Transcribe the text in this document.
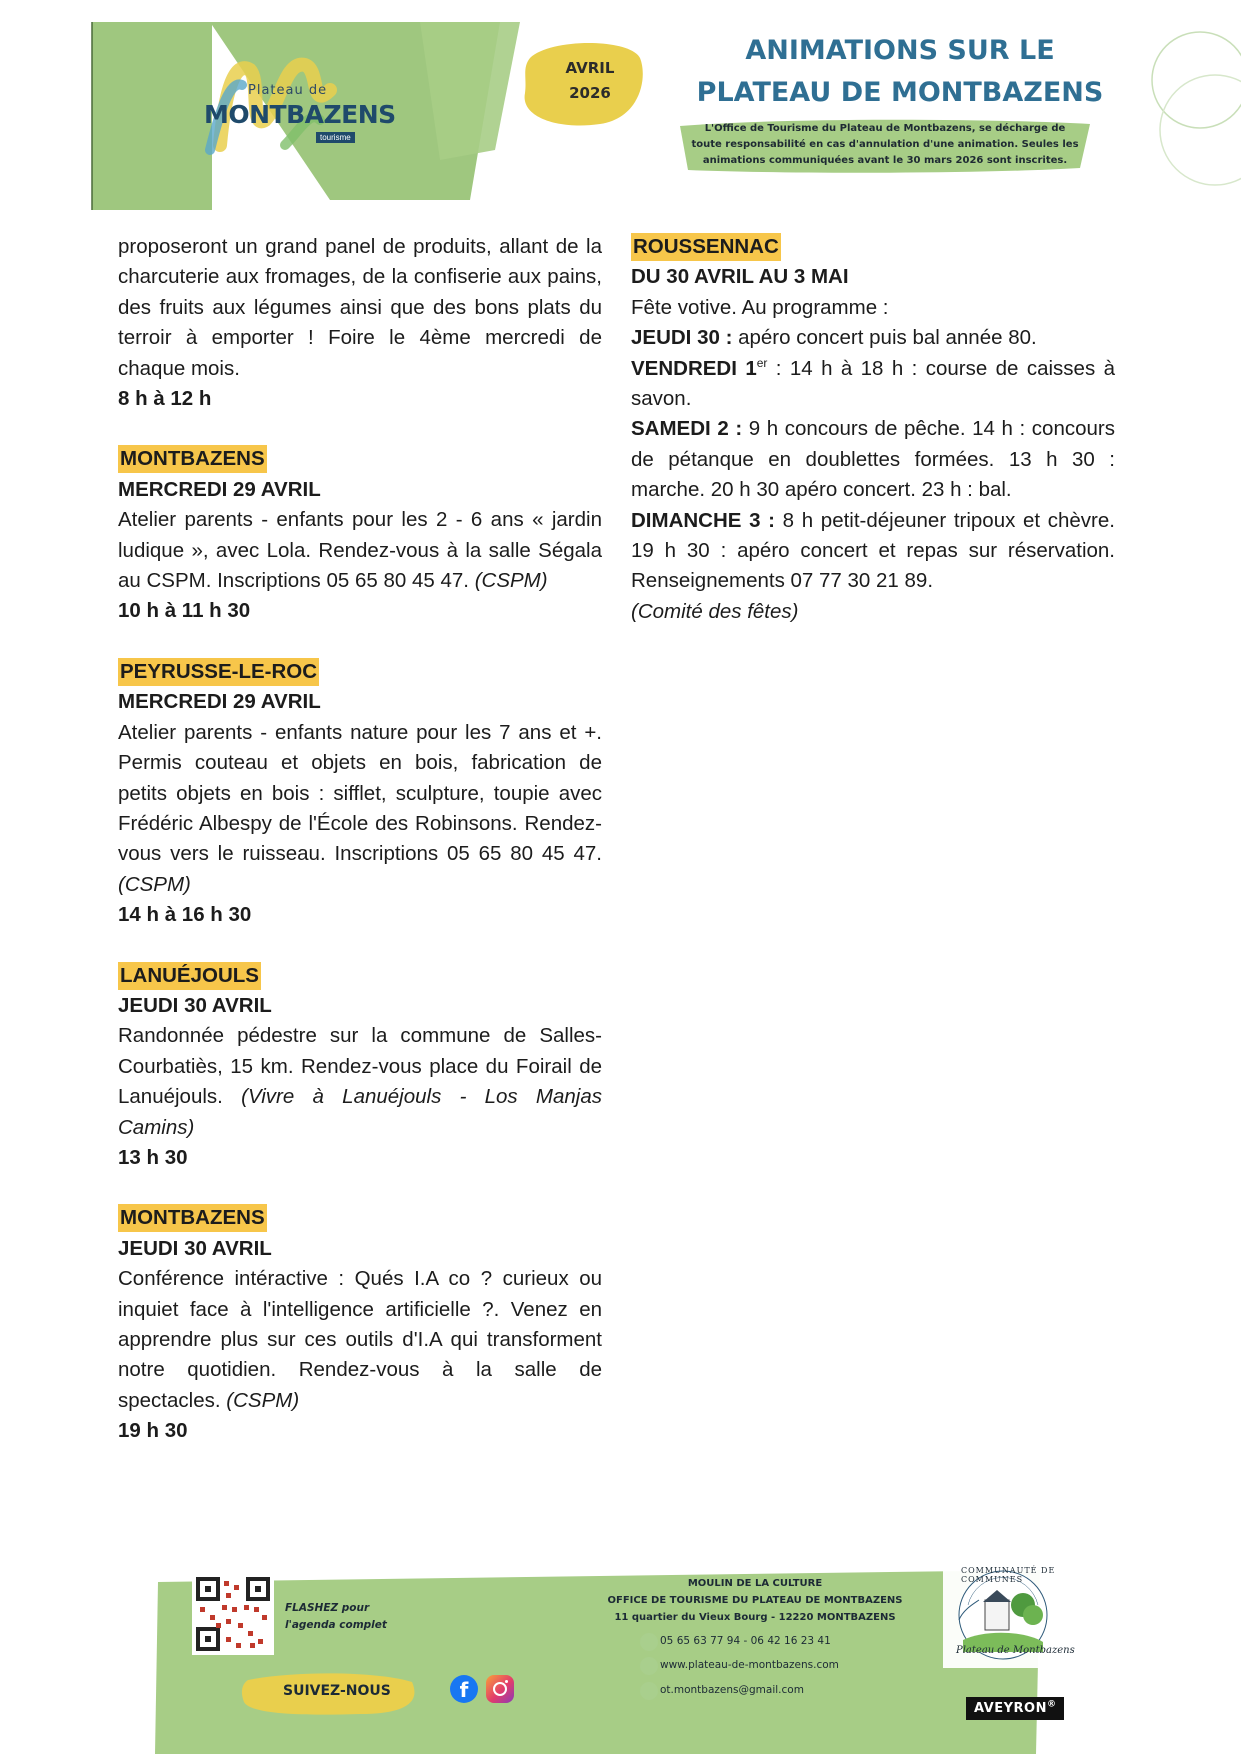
Plateau de
MONTBAZENS
tourisme
AVRIL
2026
ANIMATIONS SUR LE
PLATEAU DE MONTBAZENS
L'Office de Tourisme du Plateau de Montbazens, se décharge de toute responsabilité en cas d'annulation d'une animation. Seules les animations communiquées avant le 30 mars 2026 sont inscrites.

proposeront un grand panel de produits, allant de la charcuterie aux fromages, de la confiserie aux pains, des fruits aux légumes ainsi que des bons plats du terroir à emporter ! Foire le 4ème mercredi de chaque mois.

8 h à 12 h

MONTBAZENS

MERCREDI 29 AVRIL

Atelier parents - enfants pour les 2 - 6 ans « jardin ludique », avec Lola. Rendez-vous à la salle Ségala au CSPM. Inscriptions 05 65 80 45 47. (CSPM)

10 h à 11 h 30

PEYRUSSE-LE-ROC

MERCREDI 29 AVRIL

Atelier parents - enfants nature pour les 7 ans et +. Permis couteau et objets en bois, fabrication de petits objets en bois : sifflet, sculpture, toupie avec Frédéric Albespy de l'École des Robinsons. Rendez-vous vers le ruisseau. Inscriptions 05 65 80 45 47. (CSPM)

14 h à 16 h 30

LANUÉJOULS

JEUDI 30 AVRIL

Randonnée pédestre sur la commune de Salles-Courbatiès, 15 km. Rendez-vous place du Foirail de Lanuéjouls. (Vivre à Lanuéjouls - Los Manjas Camins)

13 h 30

MONTBAZENS

JEUDI 30 AVRIL

Conférence intéractive : Qués I.A co ? curieux ou inquiet face à l'intelligence artificielle ?. Venez en apprendre plus sur ces outils d'I.A qui transforment notre quotidien. Rendez-vous à la salle de spectacles. (CSPM)

19 h 30

ROUSSENNAC

DU 30 AVRIL AU 3 MAI

Fête votive. Au programme :

JEUDI 30 : apéro concert puis bal année 80.

VENDREDI 1er : 14 h à 18 h : course de caisses à savon.

SAMEDI 2 : 9 h concours de pêche. 14 h : concours de pétanque en doublettes formées. 13 h 30 : marche. 20 h 30 apéro concert. 23 h : bal.

DIMANCHE 3 : 8 h petit-déjeuner tripoux et chèvre. 19 h 30 : apéro concert et repas sur réservation. Renseignements 07 77 30 21 89.

(Comité des fêtes)

FLASHEZ pour
l'agenda complet
SUIVEZ-NOUS	f
MOULIN DE LA CULTURE
OFFICE DE TOURISME DU PLATEAU DE MONTBAZENS
11 quartier du Vieux Bourg - 12220 MONTBAZENS
05 65 63 77 94 - 06 42 16 23 41
www.plateau-de-montbazens.com
ot.montbazens@gmail.com
COMMUNAUTÉ DE COMMUNES
Plateau de Montbazens
AVEYRON®
